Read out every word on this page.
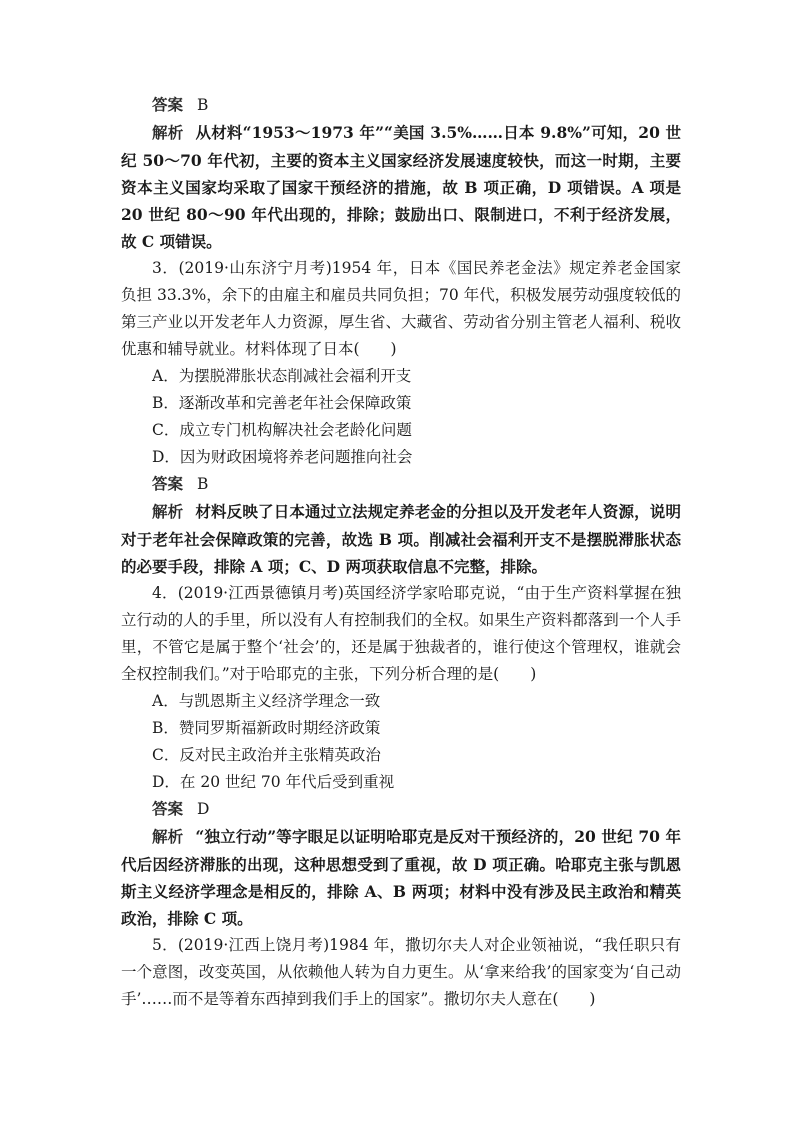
答案 B

解析 从材料“1953～1973 年”“美国 3.5%……日本 9.8%”可知，20 世纪 50～70 年代初，主要的资本主义国家经济发展速度较快，而这一时期，主要资本主义国家均采取了国家干预经济的措施，故 B 项正确，D 项错误。A 项是 20 世纪 80～90 年代出现的，排除；鼓励出口、限制进口，不利于经济发展，故 C 项错误。

3．(2019·山东济宁月考)1954 年，日本《国民养老金法》规定养老金国家负担 33.3%，余下的由雇主和雇员共同负担；70 年代，积极发展劳动强度较低的第三产业以开发老年人力资源，厚生省、大藏省、劳动省分别主管老人福利、税收优惠和辅导就业。材料体现了日本(　　)

A．为摆脱滞胀状态削减社会福利开支

B．逐渐改革和完善老年社会保障政策

C．成立专门机构解决社会老龄化问题

D．因为财政困境将养老问题推向社会

答案 B

解析 材料反映了日本通过立法规定养老金的分担以及开发老年人资源，说明对于老年社会保障政策的完善，故选 B 项。削减社会福利开支不是摆脱滞胀状态的必要手段，排除 A 项；C、D 两项获取信息不完整，排除。

4．(2019·江西景德镇月考)英国经济学家哈耶克说，“由于生产资料掌握在独立行动的人的手里，所以没有人有控制我们的全权。如果生产资料都落到一个人手里，不管它是属于整个‘社会’的，还是属于独裁者的，谁行使这个管理权，谁就会全权控制我们。”对于哈耶克的主张，下列分析合理的是(　　)

A．与凯恩斯主义经济学理念一致

B．赞同罗斯福新政时期经济政策

C．反对民主政治并主张精英政治

D．在 20 世纪 70 年代后受到重视

答案 D

解析 “独立行动”等字眼足以证明哈耶克是反对干预经济的，20 世纪 70 年代后因经济滞胀的出现，这种思想受到了重视，故 D 项正确。哈耶克主张与凯恩斯主义经济学理念是相反的，排除 A、B 两项；材料中没有涉及民主政治和精英政治，排除 C 项。

5．(2019·江西上饶月考)1984 年，撒切尔夫人对企业领袖说，“我任职只有一个意图，改变英国，从依赖他人转为自力更生。从‘拿来给我’的国家变为‘自己动手’……而不是等着东西掉到我们手上的国家”。撒切尔夫人意在(　　)
